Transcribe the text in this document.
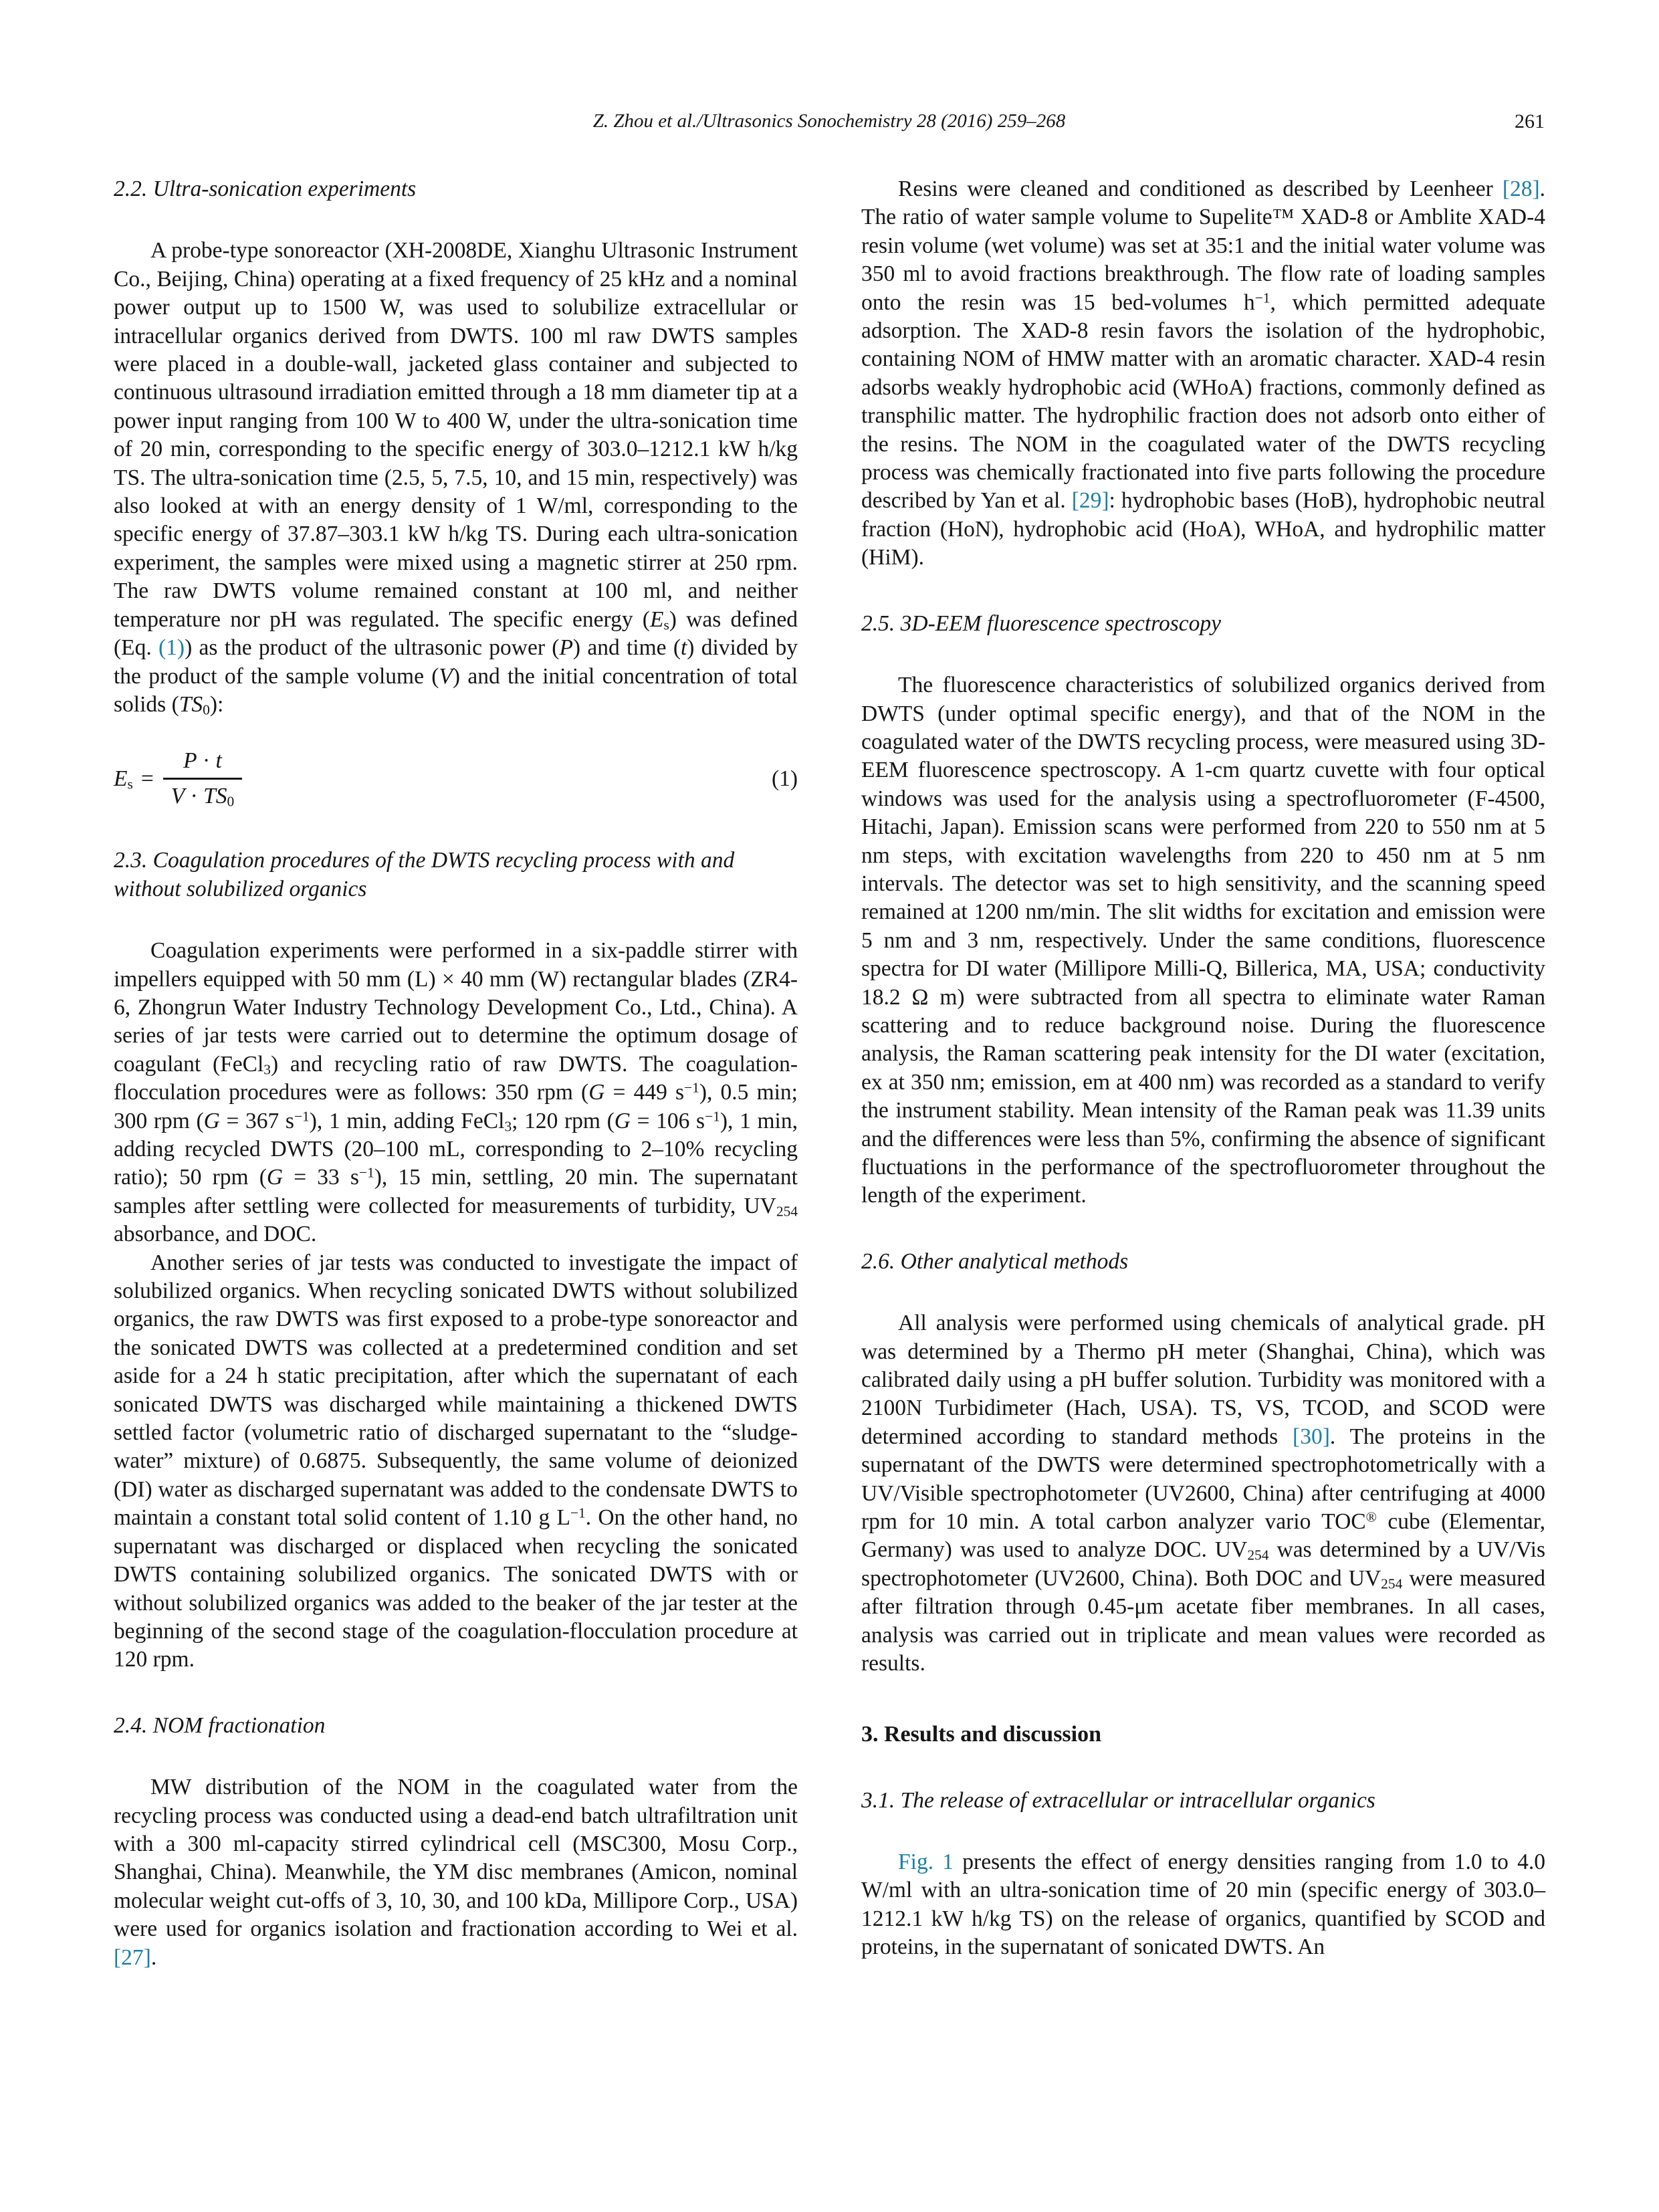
Z. Zhou et al./Ultrasonics Sonochemistry 28 (2016) 259–268	261
2.2. Ultra-sonication experiments

A probe-type sonoreactor (XH-2008DE, Xianghu Ultrasonic Instrument Co., Beijing, China) operating at a fixed frequency of 25 kHz and a nominal power output up to 1500 W, was used to solubilize extracellular or intracellular organics derived from DWTS. 100 ml raw DWTS samples were placed in a double-wall, jacketed glass container and subjected to continuous ultrasound irradiation emitted through a 18 mm diameter tip at a power input ranging from 100 W to 400 W, under the ultra-sonication time of 20 min, corresponding to the specific energy of 303.0–1212.1 kW h/kg TS. The ultra-sonication time (2.5, 5, 7.5, 10, and 15 min, respectively) was also looked at with an energy density of 1 W/ml, corresponding to the specific energy of 37.87–303.1 kW h/kg TS. During each ultra-sonication experiment, the samples were mixed using a magnetic stirrer at 250 rpm. The raw DWTS volume remained constant at 100 ml, and neither temperature nor pH was regulated. The specific energy $(E_s)$ was defined (Eq. (1)) as the product of the ultrasonic power (P) and time (t) divided by the product of the sample volume (V) and the initial concentration of total solids $(TS_0)$:

$E_s = \frac{P \cdot t}{V \cdot TS_0}$	(1)
2.3. Coagulation procedures of the DWTS recycling process with and without solubilized organics

Coagulation experiments were performed in a six-paddle stirrer with impellers equipped with 50 mm (L) × 40 mm (W) rectangular blades (ZR4-6, Zhongrun Water Industry Technology Development Co., Ltd., China). A series of jar tests were carried out to determine the optimum dosage of coagulant (FeCl$_3$) and recycling ratio of raw DWTS. The coagulation-flocculation procedures were as follows: 350 rpm (G = 449 $s^{-1}$), 0.5 min; 300 rpm (G = 367 $s^{-1}$), 1 min, adding FeCl$_3$; 120 rpm (G = 106 $s^{-1}$), 1 min, adding recycled DWTS (20–100 mL, corresponding to 2–10% recycling ratio); 50 rpm (G = 33 $s^{-1}$), 15 min, settling, 20 min. The supernatant samples after settling were collected for measurements of turbidity, $UV_{254}$ absorbance, and DOC.

Another series of jar tests was conducted to investigate the impact of solubilized organics. When recycling sonicated DWTS without solubilized organics, the raw DWTS was first exposed to a probe-type sonoreactor and the sonicated DWTS was collected at a predetermined condition and set aside for a 24 h static precipitation, after which the supernatant of each sonicated DWTS was discharged while maintaining a thickened DWTS settled factor (volumetric ratio of discharged supernatant to the “sludge-water” mixture) of 0.6875. Subsequently, the same volume of deionized (DI) water as discharged supernatant was added to the condensate DWTS to maintain a constant total solid content of 1.10 g $L^{-1}$. On the other hand, no supernatant was discharged or displaced when recycling the sonicated DWTS containing solubilized organics. The sonicated DWTS with or without solubilized organics was added to the beaker of the jar tester at the beginning of the second stage of the coagulation-flocculation procedure at 120 rpm.

2.4. NOM fractionation

MW distribution of the NOM in the coagulated water from the recycling process was conducted using a dead-end batch ultrafiltration unit with a 300 ml-capacity stirred cylindrical cell (MSC300, Mosu Corp., Shanghai, China). Meanwhile, the YM disc membranes (Amicon, nominal molecular weight cut-offs of 3, 10, 30, and 100 kDa, Millipore Corp., USA) were used for organics isolation and fractionation according to Wei et al. [27].

Resins were cleaned and conditioned as described by Leenheer [28]. The ratio of water sample volume to Supelite™ XAD-8 or Amblite XAD-4 resin volume (wet volume) was set at 35:1 and the initial water volume was 350 ml to avoid fractions breakthrough. The flow rate of loading samples onto the resin was 15 bed-volumes $h^{-1}$, which permitted adequate adsorption. The XAD-8 resin favors the isolation of the hydrophobic, containing NOM of HMW matter with an aromatic character. XAD-4 resin adsorbs weakly hydrophobic acid (WHoA) fractions, commonly defined as transphilic matter. The hydrophilic fraction does not adsorb onto either of the resins. The NOM in the coagulated water of the DWTS recycling process was chemically fractionated into five parts following the procedure described by Yan et al. [29]: hydrophobic bases (HoB), hydrophobic neutral fraction (HoN), hydrophobic acid (HoA), WHoA, and hydrophilic matter (HiM).

2.5. 3D-EEM fluorescence spectroscopy

The fluorescence characteristics of solubilized organics derived from DWTS (under optimal specific energy), and that of the NOM in the coagulated water of the DWTS recycling process, were measured using 3D-EEM fluorescence spectroscopy. A 1-cm quartz cuvette with four optical windows was used for the analysis using a spectrofluorometer (F-4500, Hitachi, Japan). Emission scans were performed from 220 to 550 nm at 5 nm steps, with excitation wavelengths from 220 to 450 nm at 5 nm intervals. The detector was set to high sensitivity, and the scanning speed remained at 1200 nm/min. The slit widths for excitation and emission were 5 nm and 3 nm, respectively. Under the same conditions, fluorescence spectra for DI water (Millipore Milli-Q, Billerica, MA, USA; conductivity 18.2 Ω m) were subtracted from all spectra to eliminate water Raman scattering and to reduce background noise. During the fluorescence analysis, the Raman scattering peak intensity for the DI water (excitation, ex at 350 nm; emission, em at 400 nm) was recorded as a standard to verify the instrument stability. Mean intensity of the Raman peak was 11.39 units and the differences were less than 5%, confirming the absence of significant fluctuations in the performance of the spectrofluorometer throughout the length of the experiment.

2.6. Other analytical methods

All analysis were performed using chemicals of analytical grade. pH was determined by a Thermo pH meter (Shanghai, China), which was calibrated daily using a pH buffer solution. Turbidity was monitored with a 2100N Turbidimeter (Hach, USA). TS, VS, TCOD, and SCOD were determined according to standard methods [30]. The proteins in the supernatant of the DWTS were determined spectrophotometrically with a UV/Visible spectrophotometer (UV2600, China) after centrifuging at 4000 rpm for 10 min. A total carbon analyzer vario TOC® cube (Elementar, Germany) was used to analyze DOC. $UV_{254}$ was determined by a UV/Vis spectrophotometer (UV2600, China). Both DOC and $UV_{254}$ were measured after filtration through 0.45-μm acetate fiber membranes. In all cases, analysis was carried out in triplicate and mean values were recorded as results.

3. Results and discussion
3.1. The release of extracellular or intracellular organics

Fig. 1 presents the effect of energy densities ranging from 1.0 to 4.0 W/ml with an ultra-sonication time of 20 min (specific energy of 303.0–1212.1 kW h/kg TS) on the release of organics, quantified by SCOD and proteins, in the supernatant of sonicated DWTS. An
